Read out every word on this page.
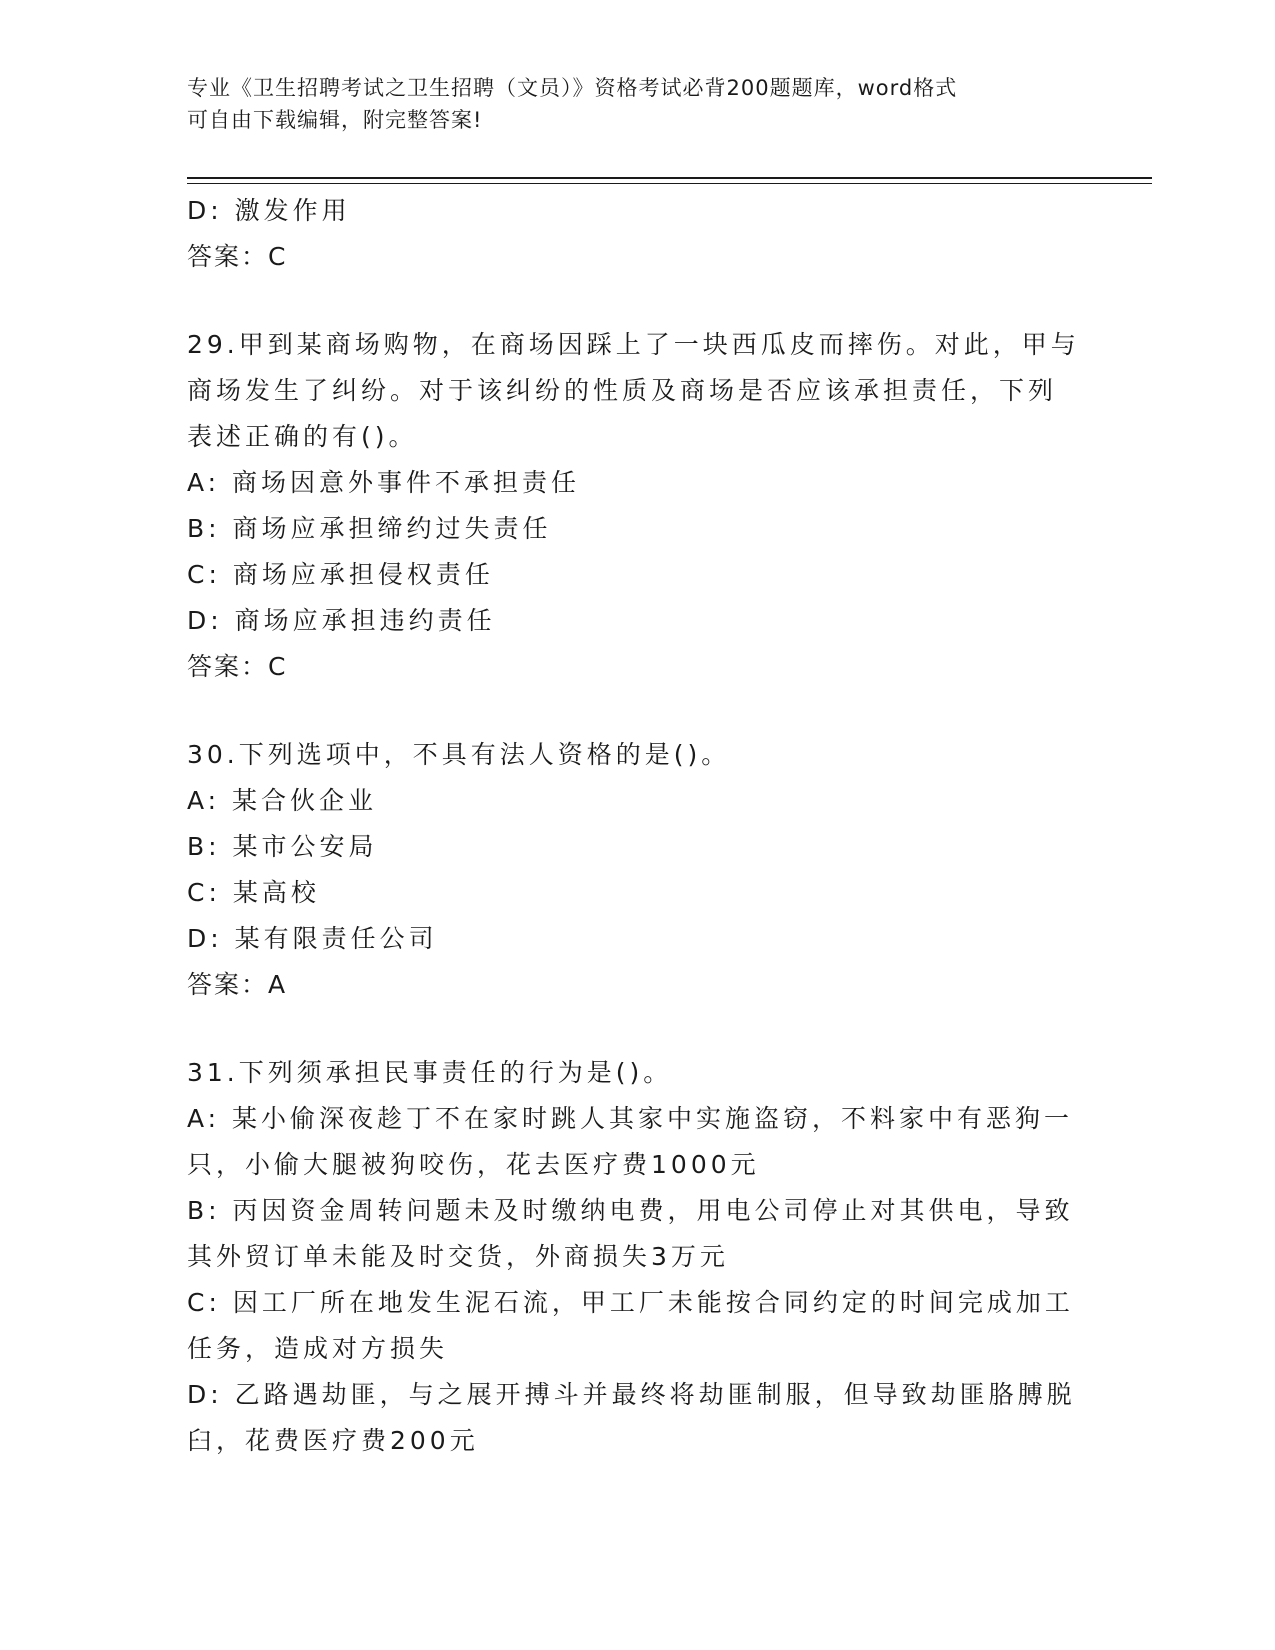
专业《卫生招聘考试之卫生招聘（文员）》资格考试必背200题题库，word格式
可自由下载编辑，附完整答案!
D: 激发作用
答案：C
29.甲到某商场购物，在商场因踩上了一块西瓜皮而摔伤。对此，甲与
商场发生了纠纷。对于该纠纷的性质及商场是否应该承担责任，下列
表述正确的有()。
A: 商场因意外事件不承担责任
B: 商场应承担缔约过失责任
C: 商场应承担侵权责任
D: 商场应承担违约责任
答案：C
30.下列选项中，不具有法人资格的是()。
A: 某合伙企业
B: 某市公安局
C: 某高校
D: 某有限责任公司
答案：A
31.下列须承担民事责任的行为是()。
A: 某小偷深夜趁丁不在家时跳人其家中实施盗窃，不料家中有恶狗一
只，小偷大腿被狗咬伤，花去医疗费1000元
B: 丙因资金周转问题未及时缴纳电费，用电公司停止对其供电，导致
其外贸订单未能及时交货，外商损失3万元
C: 因工厂所在地发生泥石流，甲工厂未能按合同约定的时间完成加工
任务，造成对方损失
D: 乙路遇劫匪，与之展开搏斗并最终将劫匪制服，但导致劫匪胳膊脱
臼，花费医疗费200元
